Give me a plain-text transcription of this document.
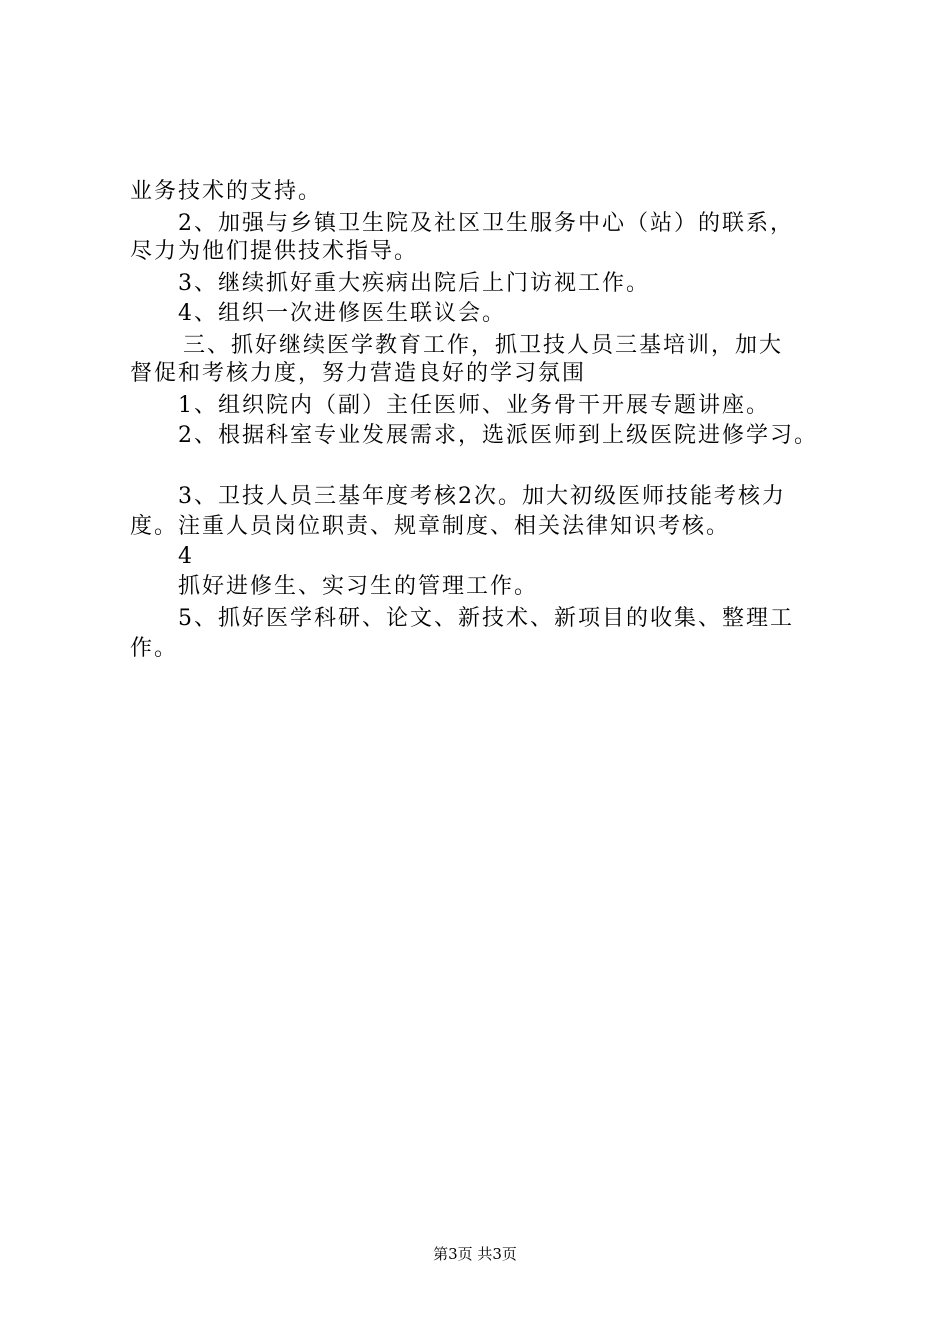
业务技术的支持。
2、加强与乡镇卫生院及社区卫生服务中心（站）的联系，
尽力为他们提供技术指导。
3、继续抓好重大疾病出院后上门访视工作。
4、组织一次进修医生联议会。
三、抓好继续医学教育工作，抓卫技人员三基培训，加大
督促和考核力度，努力营造良好的学习氛围
1、组织院内（副）主任医师、业务骨干开展专题讲座。
2、根据科室专业发展需求，选派医师到上级医院进修学习。
3、卫技人员三基年度考核2次。加大初级医师技能考核力
度。注重人员岗位职责、规章制度、相关法律知识考核。
4
抓好进修生、实习生的管理工作。
5、抓好医学科研、论文、新技术、新项目的收集、整理工
作。
第3页 共3页
